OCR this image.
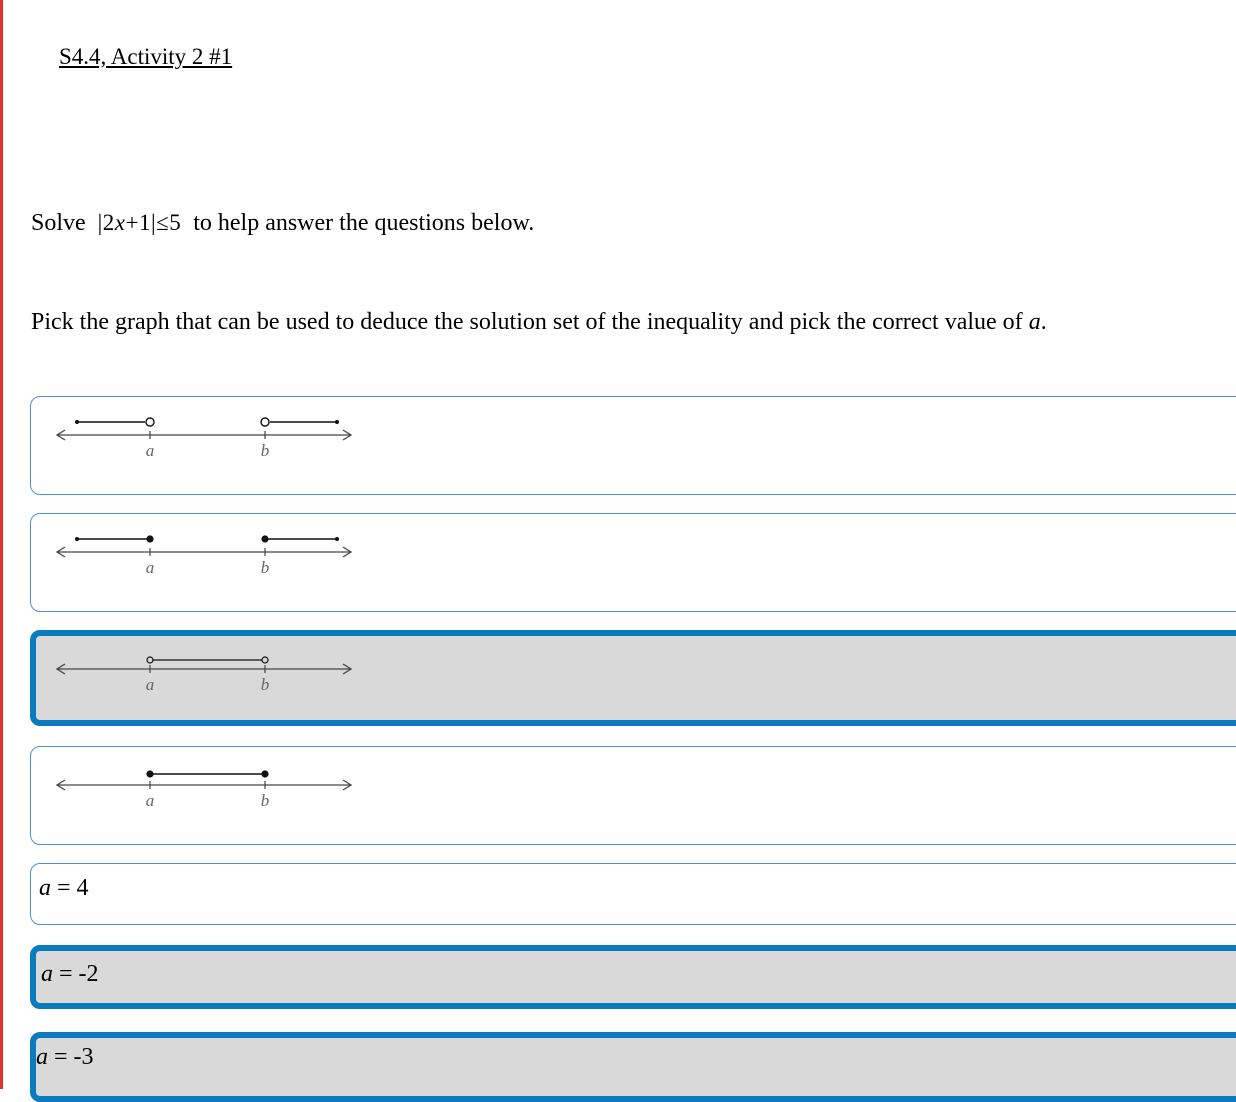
S4.4, Activity 2 #1
Solve |2x+1|≤5 to help answer the questions below.
Pick the graph that can be used to deduce the solution set of the inequality and pick the correct value of a.
a	b
a	b
a	b
a	b
a = 4
a = -2
a = -3
